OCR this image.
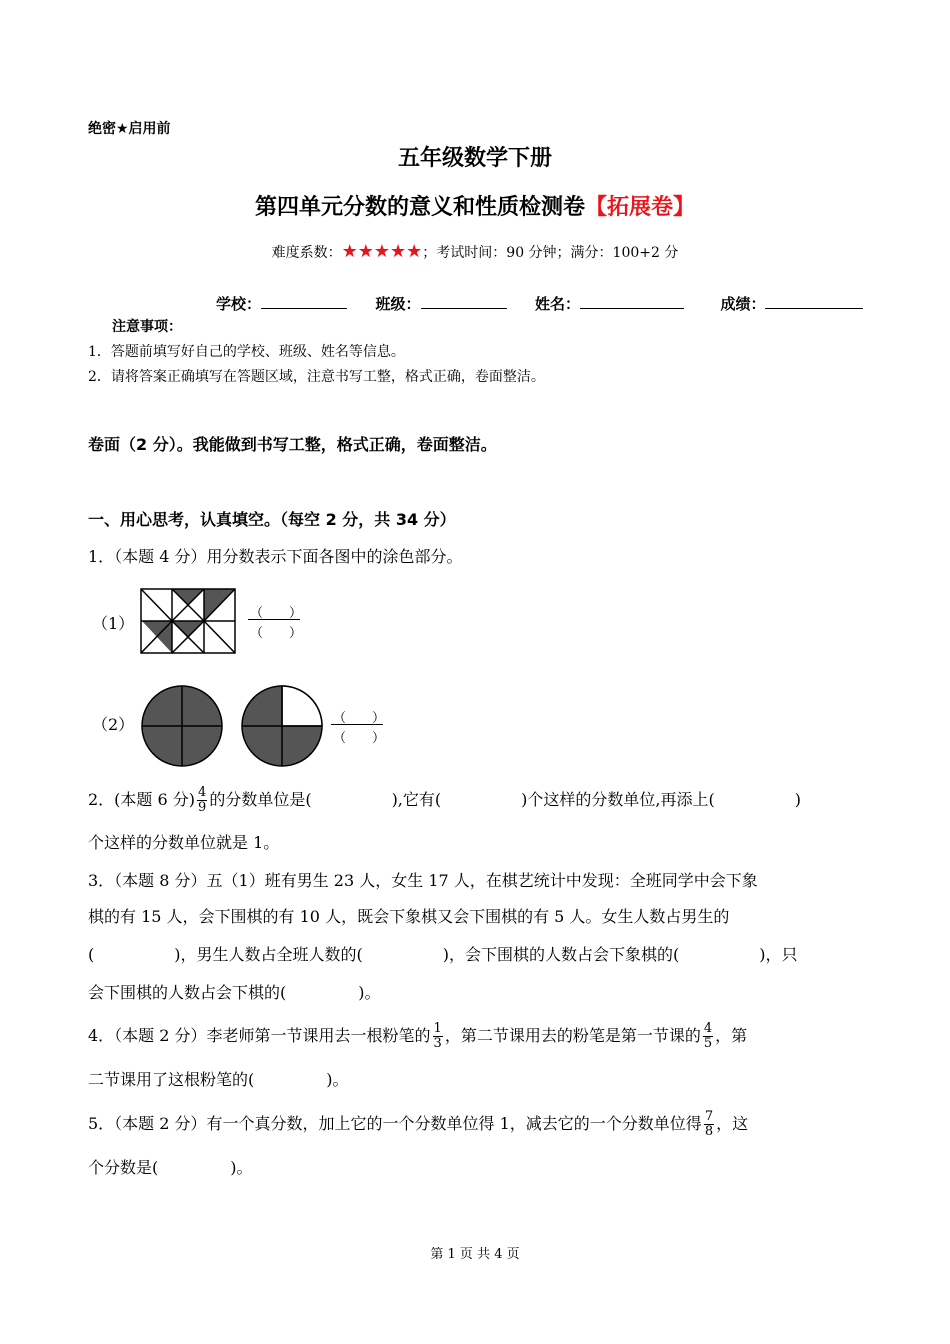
绝密★启用前
五年级数学下册
第四单元分数的意义和性质检测卷【拓展卷】
难度系数：★★★★★；考试时间：90 分钟；满分：100+2 分
学校：	班级：	姓名：	成绩：
注意事项：
1．答题前填写好自己的学校、班级、姓名等信息。
2．请将答案正确填写在答题区域，注意书写工整，格式正确，卷面整洁。
卷面（2 分）。我能做到书写工整，格式正确，卷面整洁。
一、用心思考，认真填空。（每空 2 分，共 34 分）
1．（本题 4 分）用分数表示下面各图中的涂色部分。
（1）
（　　）
（　　）
（2）	（　　）
（　　）
2．(本题 6 分) $\frac{4}{9}$ 的分数单位是(	),它有(	)个这样的分数单位,再添上(	)
个这样的分数单位就是 1。
3．（本题 8 分）五（1）班有男生 23 人，女生 17 人，在棋艺统计中发现：全班同学中会下象
棋的有 15 人，会下围棋的有 10 人，既会下象棋又会下围棋的有 5 人。女生人数占男生的
(	)，男生人数占全班人数的(	)，会下围棋的人数占会下象棋的(	)，只
会下围棋的人数占会下棋的(	)。
4．（本题 2 分）李老师第一节课用去一根粉笔的 $\frac{1}{3}$ ，第二节课用去的粉笔是第一节课的 $\frac{4}{5}$ ，第
二节课用了这根粉笔的(	)。
5．（本题 2 分）有一个真分数，加上它的一个分数单位得 1，减去它的一个分数单位得 $\frac{7}{8}$ ，这
个分数是(	)。
第 1 页 共 4 页
